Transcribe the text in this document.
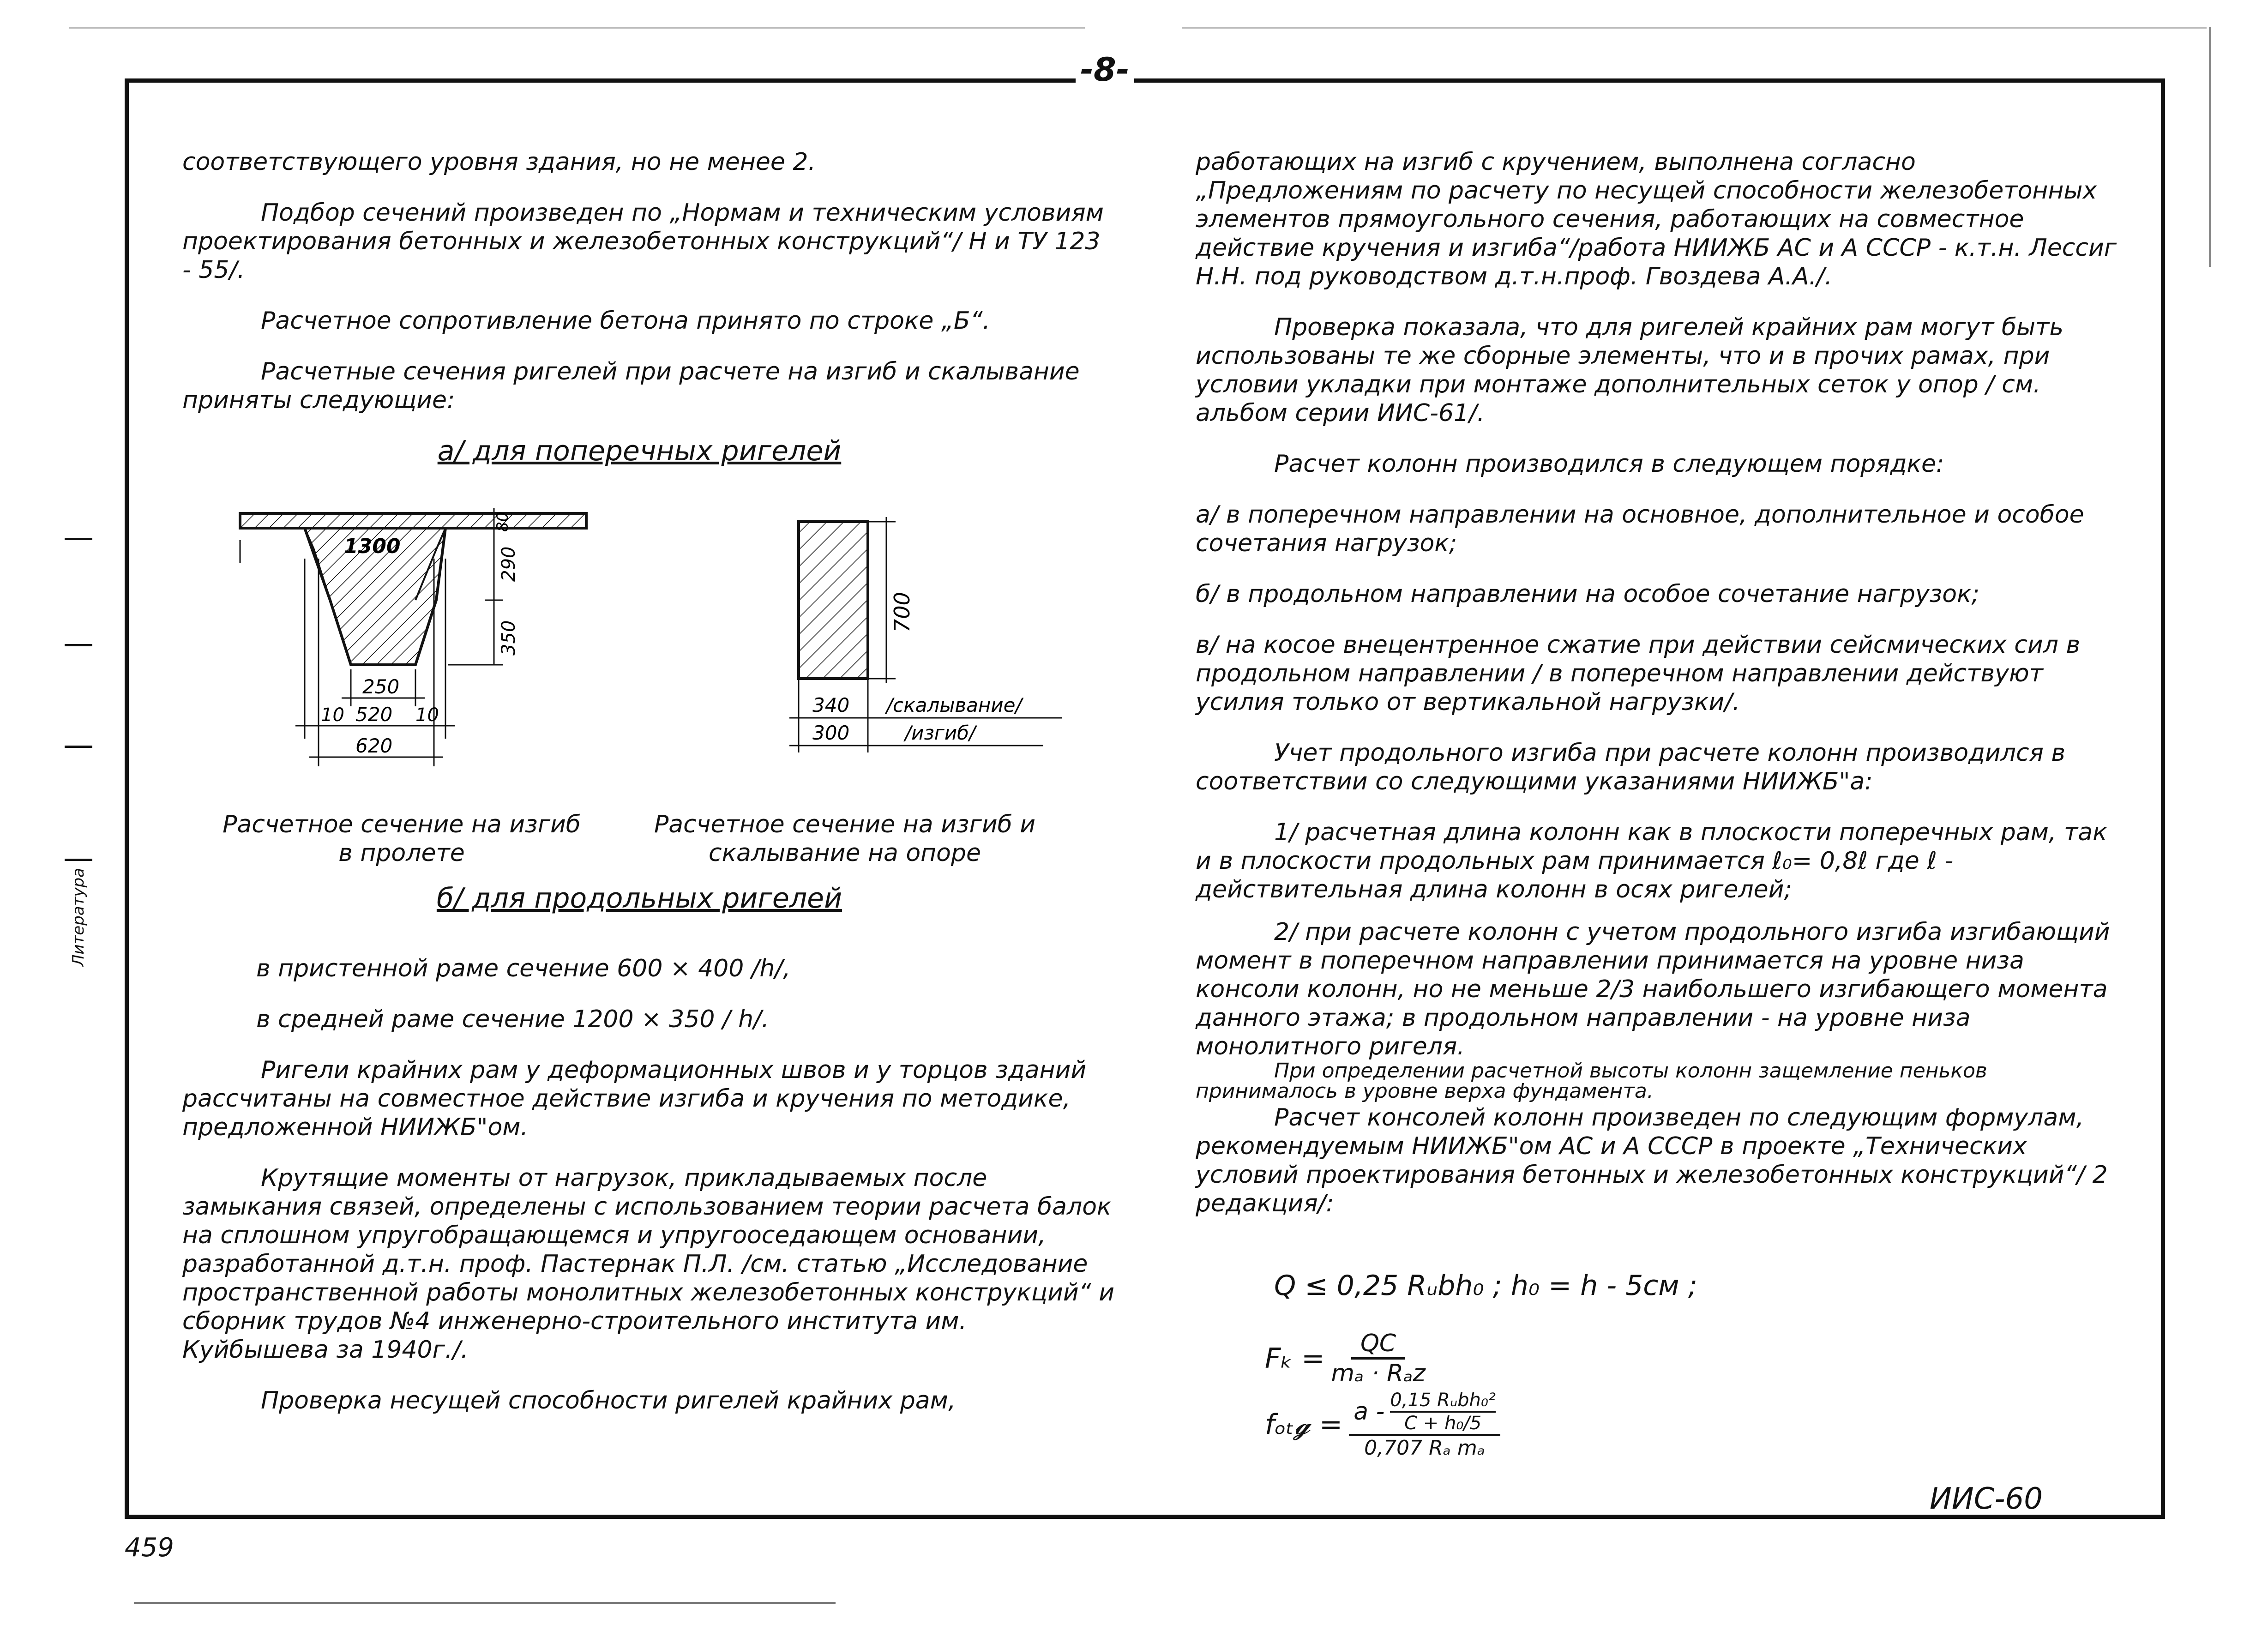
Литература
-8-

соответствующего уровня здания, но не менее 2.

Подбор сечений произведен по „Нормам и техническим условиям проектирования бетонных и железобетонных конструкций“/ Н и ТУ 123 - 55/.

Расчетное сопротивление бетона принято по строке „Б“.

Расчетные сечения ригелей при расчете на изгиб и скалывание приняты следующие:

а/ для поперечных ригелей
1300
80
290
350
250
10 520 10
620
700
340
300
/скалывание/
/изгиб/
Расчетное сечение на изгиб в пролете
Расчетное сечение на изгиб и скалывание на опоре
б/ для продольных ригелей

в пристенной раме сечение 600 × 400 /h/,

в средней раме сечение 1200 × 350 / h/.

Ригели крайних рам у деформационных швов и у торцов зданий рассчитаны на совместное действие изгиба и кручения по методике, предложенной НИИЖБ"ом.

Крутящие моменты от нагрузок, прикладываемых после замыкания связей, определены с использованием теории расчета балок на сплошном упругобращающемся и упругооседающем основании, разработанной д.т.н. проф. Пастернак П.Л. /см. статью „Исследование пространственной работы монолитных железобетонных конструкций“ и сборник трудов №4 инженерно-строительного института им. Куйбышева за 1940г./.

Проверка несущей способности ригелей крайних рам,

работающих на изгиб с кручением, выполнена согласно „Предложениям по расчету по несущей способности железобетонных элементов прямоугольного сечения, работающих на совместное действие кручения и изгиба“/работа НИИЖБ АС и А СССР - к.т.н. Лессиг Н.Н. под руководством д.т.н.проф. Гвоздева А.А./.

Проверка показала, что для ригелей крайних рам могут быть использованы те же сборные элементы, что и в прочих рамах, при условии укладки при монтаже дополнительных сеток у опор / см. альбом серии ИИС-61/.

Расчет колонн производился в следующем порядке:

а/ в поперечном направлении на основное, дополнительное и особое сочетания нагрузок;

б/ в продольном направлении на особое сочетание нагрузок;

в/ на косое внецентренное сжатие при действии сейсмических сил в продольном направлении / в поперечном направлении действуют усилия только от вертикальной нагрузки/.

Учет продольного изгиба при расчете колонн производился в соответствии со следующими указаниями НИИЖБ"а:

1/ расчетная длина колонн как в плоскости поперечных рам, так и в плоскости продольных рам принимается ℓ₀= 0,8ℓ где ℓ - действительная длина колонн в осях ригелей;

2/ при расчете колонн с учетом продольного изгиба изгибающий момент в поперечном направлении принимается на уровне низа консоли колонн, но не меньше 2/3 наибольшего изгибающего момента данного этажа; в продольном направлении - на уровне низа монолитного ригеля.

При определении расчетной высоты колонн защемление пеньков принималось в уровне верха фундамента.

Расчет консолей колонн произведен по следующим формулам, рекомендуемым НИИЖБ"ом АС и А СССР в проекте „Технических условий проектирования бетонных и железобетонных конструкций“/ 2 редакция/:

Q ≤ 0,25 Rᵤbh₀ ; h₀ = h - 5см ;
Fₖ =	QC
mₐ · Rₐz
fₒₜ𝓰 = a - 0,15 Rᵤbh₀²
C + h₀/5
0,707 Rₐ mₐ
ИИС-60
459
